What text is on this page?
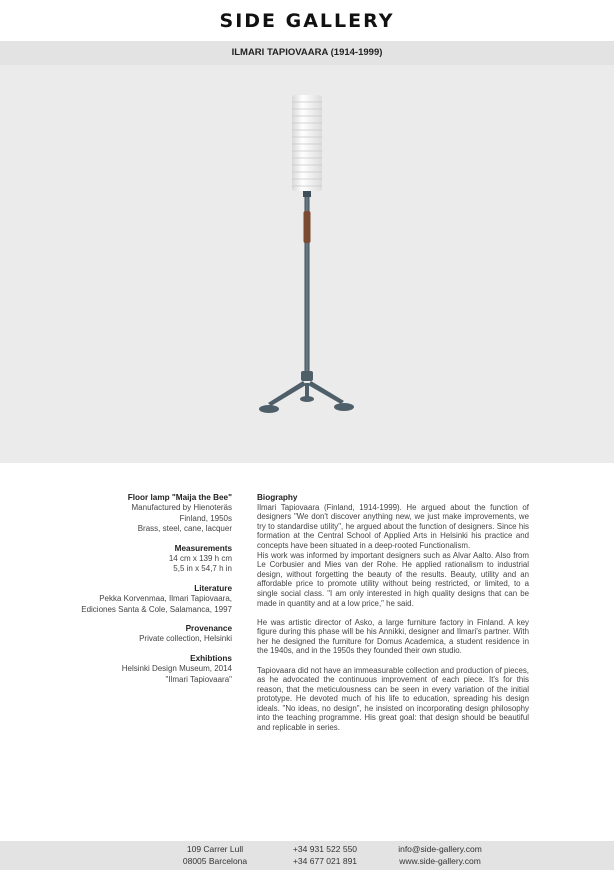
SIDE GALLERY
ILMARI TAPIOVAARA (1914-1999)
Floor lamp "Maija the Bee"
Manufactured by Hienoteräs
Finland, 1950s
Brass, steel, cane, lacquer
Measurements
14 cm x 139 h cm
5,5 in x 54,7 h in
Literature
Pekka Korvenmaa, Ilmari Tapiovaara,
Ediciones Santa & Cole, Salamanca, 1997
Provenance
Private collection, Helsinki
Exhibtions
Helsinki Design Museum, 2014
"Ilmari Tapiovaara"
Biography

Ilmari Tapiovaara (Finland, 1914-1999). He argued about the function of designers "We don't discover anything new, we just make improvements, we try to standardise utility", he argued about the function of designers. Since his formation at the Central School of Applied Arts in Helsinki his practice and concepts have been situated in a deep-rooted Functionalism.

His work was informed by important designers such as Alvar Aalto. Also from Le Corbusier and Mies van der Rohe. He applied rationalism to industrial design, without forgetting the beauty of the results. Beauty, utility and an affordable price to promote utility without being restricted, or limited, to a single social class. "I am only interested in high quality designs that can be made in quantity and at a low price," he said.

He was artistic director of Asko, a large furniture factory in Finland. A key figure during this phase will be his Annikki, designer and Ilmari's partner. With her he designed the furniture for Domus Academica, a student residence in the 1940s, and in the 1950s they founded their own studio.

Tapiovaara did not have an immeasurable collection and production of pieces, as he advocated the continuous improvement of each piece. It's for this reason, that the meticulousness can be seen in every variation of the initial prototype. He devoted much of his life to education, spreading his design ideals. "No ideas, no design", he insisted on incorporating design philosophy into the teaching programme. His great goal: that design should be beautiful and replicable in series.

109 Carrer Lull
08005 Barcelona
+34 931 522 550
+34 677 021 891
info@side-gallery.com
www.side-gallery.com
